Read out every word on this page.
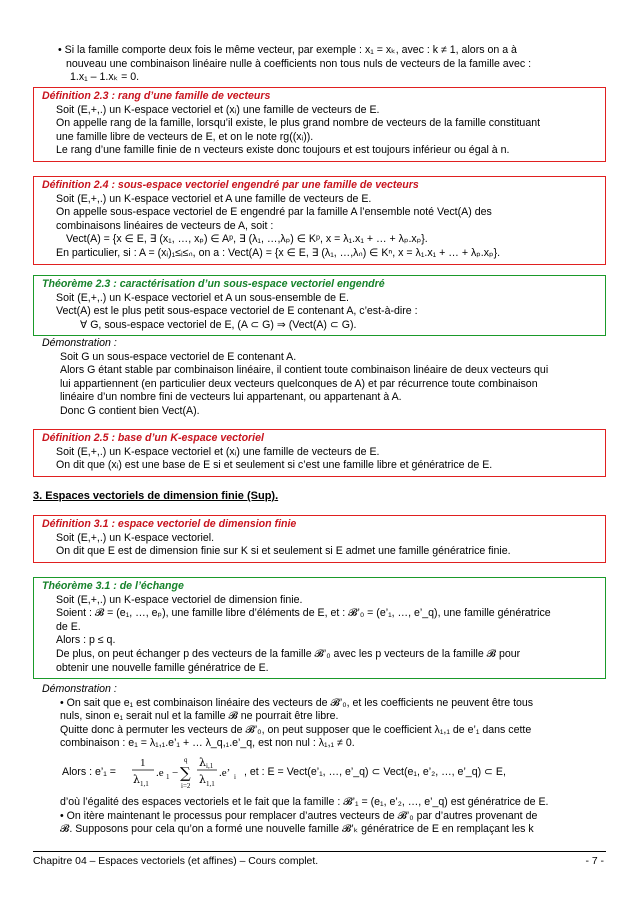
• Si la famille comporte deux fois le même vecteur, par exemple : x₁ = xₖ, avec : k ≠ 1, alors on a à
nouveau une combinaison linéaire nulle à coefficients non tous nuls de vecteurs de la famille avec :
1.x₁ – 1.xₖ = 0.
Définition 2.3 : rang d’une famille de vecteurs
Soit (E,+,.) un K-espace vectoriel et (xᵢ) une famille de vecteurs de E.
On appelle rang de la famille, lorsqu’il existe, le plus grand nombre de vecteurs de la famille constituant
une famille libre de vecteurs de E, et on le note rg((xᵢ)).
Le rang d’une famille finie de n vecteurs existe donc toujours et est toujours inférieur ou égal à n.
Définition 2.4 : sous-espace vectoriel engendré par une famille de vecteurs
Soit (E,+,.) un K-espace vectoriel et A une famille de vecteurs de E.
On appelle sous-espace vectoriel de E engendré par la famille A l’ensemble noté Vect(A) des
combinaisons linéaires de vecteurs de A, soit :
Vect(A) = {x ∈ E, ∃ (x₁, …, xₚ) ∈ Aᵖ, ∃ (λ₁, …,λₚ) ∈ Kᵖ, x = λ₁.x₁ + … + λₚ.xₚ}.
En particulier, si : A = (xᵢ)₁≤ᵢ≤ₙ, on a : Vect(A) = {x ∈ E, ∃ (λ₁, …,λₙ) ∈ Kⁿ, x = λ₁.x₁ + … + λₚ.xₚ}.
Théorème 2.3 : caractérisation d’un sous-espace vectoriel engendré
Soit (E,+,.) un K-espace vectoriel et A un sous-ensemble de E.
Vect(A) est le plus petit sous-espace vectoriel de E contenant A, c’est-à-dire :
∀ G, sous-espace vectoriel de E, (A ⊂ G) ⇒ (Vect(A) ⊂ G).
Démonstration :
Soit G un sous-espace vectoriel de E contenant A.
Alors G étant stable par combinaison linéaire, il contient toute combinaison linéaire de deux vecteurs qui
lui appartiennent (en particulier deux vecteurs quelconques de A) et par récurrence toute combinaison
linéaire d’un nombre fini de vecteurs lui appartenant, ou appartenant à A.
Donc G contient bien Vect(A).
Définition 2.5 : base d’un K-espace vectoriel
Soit (E,+,.) un K-espace vectoriel et (xᵢ) une famille de vecteurs de E.
On dit que (xᵢ) est une base de E si et seulement si c’est une famille libre et génératrice de E.
3. Espaces vectoriels de dimension finie (Sup).
Définition 3.1 : espace vectoriel de dimension finie
Soit (E,+,.) un K-espace vectoriel.
On dit que E est de dimension finie sur K si et seulement si E admet une famille génératrice finie.
Théorème 3.1 : de l’échange
Soit (E,+,.) un K-espace vectoriel de dimension finie.
Soient : 𝓑 = (e₁, …, eₚ), une famille libre d’éléments de E, et : 𝓑’₀ = (e’₁, …, e’_q), une famille génératrice
de E.
Alors : p ≤ q.
De plus, on peut échanger p des vecteurs de la famille 𝓑’₀ avec les p vecteurs de la famille 𝓑 pour
obtenir une nouvelle famille génératrice de E.
Démonstration :
• On sait que e₁ est combinaison linéaire des vecteurs de 𝓑’₀, et les coefficients ne peuvent être tous
nuls, sinon e₁ serait nul et la famille 𝓑 ne pourrait être libre.
Quitte donc à permuter les vecteurs de 𝓑’₀, on peut supposer que le coefficient λ₁,₁ de e’₁ dans cette
combinaison : e₁ = λ₁,₁.e’₁ + … λ_q,₁.e’_q, est non nul : λ₁,₁ ≠ 0.
Alors : e’₁ =
1
λ 1,1
.e 1 −
q
∑
i=2
λ i,1
λ 1,1
.e’ i , et : E = Vect(e’₁, …, e’_q) ⊂ Vect(e₁, e’₂, …, e’_q) ⊂ E,
d’où l’égalité des espaces vectoriels et le fait que la famille : 𝓑’₁ = (e₁, e’₂, …, e’_q) est génératrice de E.
• On itère maintenant le processus pour remplacer d’autres vecteurs de 𝓑’₀ par d’autres provenant de
𝓑. Supposons pour cela qu’on a formé une nouvelle famille 𝓑’ₖ génératrice de E en remplaçant les k
Chapitre 04 – Espaces vectoriels (et affines) – Cours complet.	- 7 -
